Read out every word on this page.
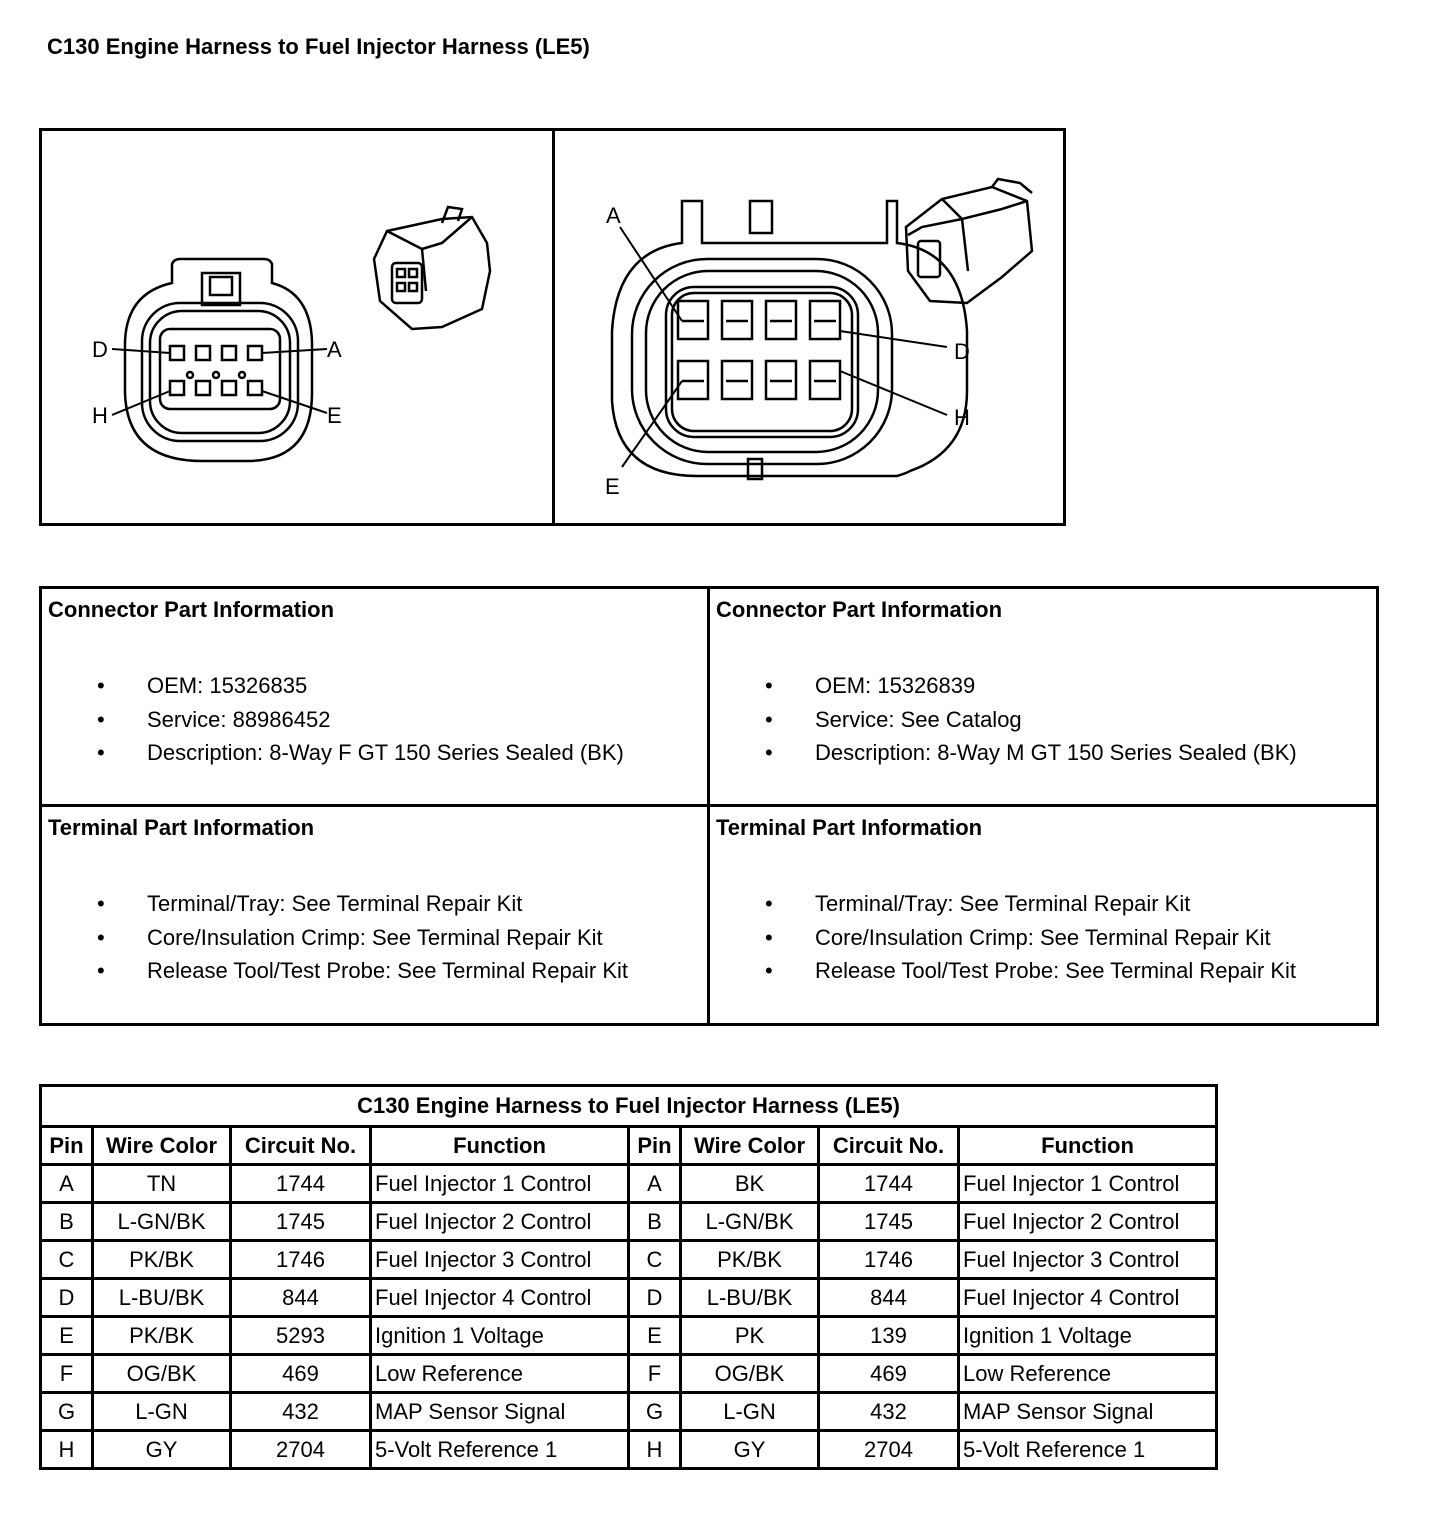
C130 Engine Harness to Fuel Injector Harness (LE5)
D	A
H	E
A
D
H
E
Connector Part Information
• OEM: 15326835
• Service: 88986452
• Description: 8-Way F GT 150 Series Sealed (BK)
Connector Part Information
• OEM: 15326839
• Service: See Catalog
• Description: 8-Way M GT 150 Series Sealed (BK)
Terminal Part Information
• Terminal/Tray: See Terminal Repair Kit
• Core/Insulation Crimp: See Terminal Repair Kit
• Release Tool/Test Probe: See Terminal Repair Kit
Terminal Part Information
• Terminal/Tray: See Terminal Repair Kit
• Core/Insulation Crimp: See Terminal Repair Kit
• Release Tool/Test Probe: See Terminal Repair Kit
C130 Engine Harness to Fuel Injector Harness (LE5)							
Pin	Wire Color	Circuit No.	Function	Pin	Wire Color	Circuit No.	Function
A	TN	1744	Fuel Injector 1 Control	A	BK	1744	Fuel Injector 1 Control
B	L-GN/BK	1745	Fuel Injector 2 Control	B	L-GN/BK	1745	Fuel Injector 2 Control
C	PK/BK	1746	Fuel Injector 3 Control	C	PK/BK	1746	Fuel Injector 3 Control
D	L-BU/BK	844	Fuel Injector 4 Control	D	L-BU/BK	844	Fuel Injector 4 Control
E	PK/BK	5293	Ignition 1 Voltage	E	PK	139	Ignition 1 Voltage
F	OG/BK	469	Low Reference	F	OG/BK	469	Low Reference
G	L-GN	432	MAP Sensor Signal	G	L-GN	432	MAP Sensor Signal
H	GY	2704	5-Volt Reference 1	H	GY	2704	5-Volt Reference 1
